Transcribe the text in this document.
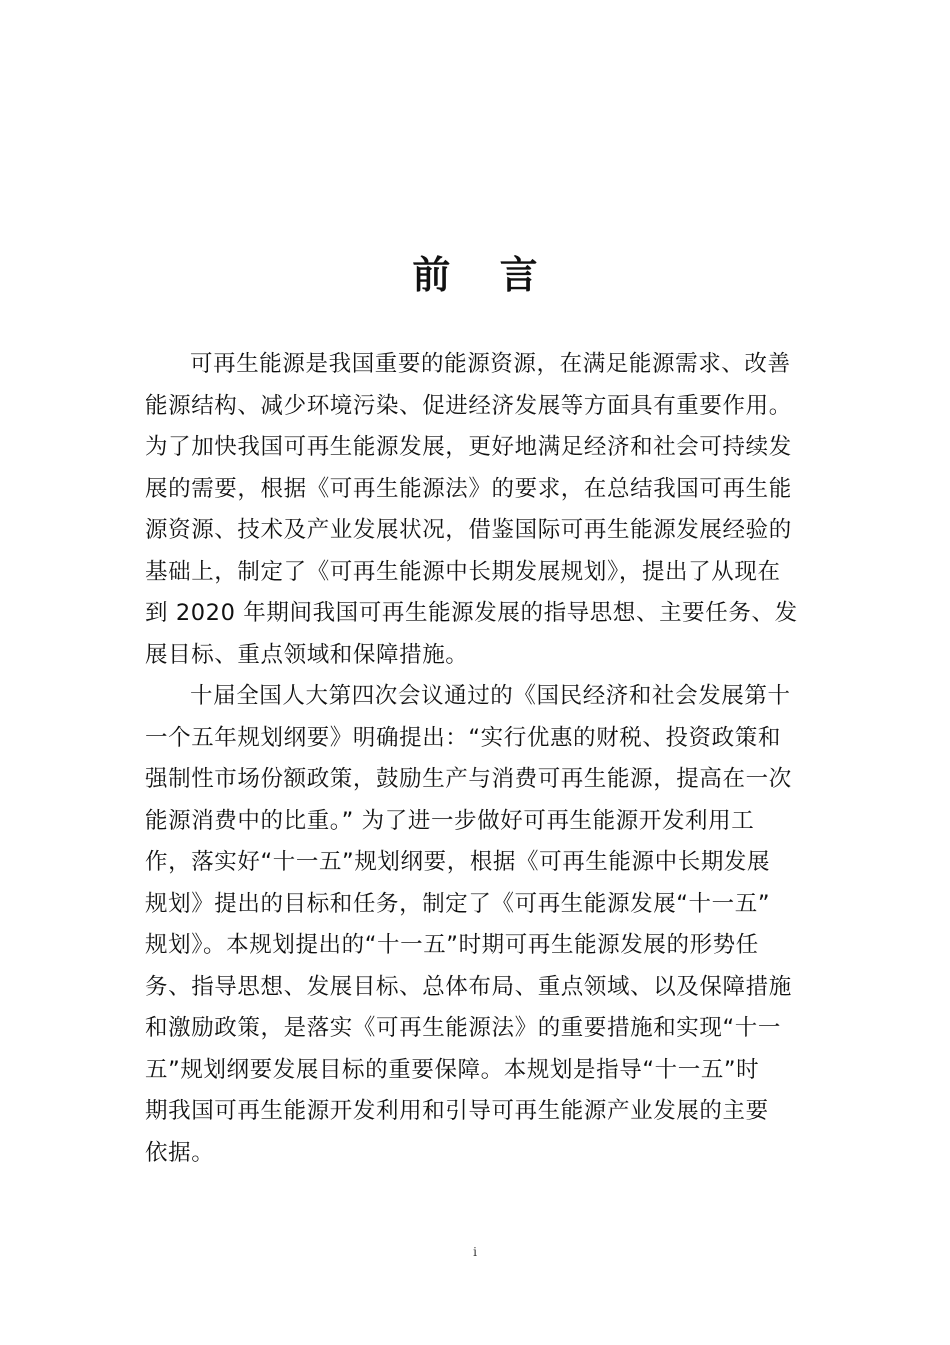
前 言
可再生能源是我国重要的能源资源，在满足能源需求、改善
能源结构、减少环境污染、促进经济发展等方面具有重要作用。
为了加快我国可再生能源发展，更好地满足经济和社会可持续发
展的需要，根据《可再生能源法》的要求，在总结我国可再生能
源资源、技术及产业发展状况，借鉴国际可再生能源发展经验的
基础上，制定了《可再生能源中长期发展规划》，提出了从现在
到 2020 年期间我国可再生能源发展的指导思想、主要任务、发
展目标、重点领域和保障措施。
十届全国人大第四次会议通过的《国民经济和社会发展第十
一个五年规划纲要》明确提出：“实行优惠的财税、投资政策和
强制性市场份额政策，鼓励生产与消费可再生能源，提高在一次
能源消费中的比重。” 为了进一步做好可再生能源开发利用工
作，落实好“十一五”规划纲要，根据《可再生能源中长期发展
规划》提出的目标和任务，制定了《可再生能源发展“十一五”
规划》。本规划提出的“十一五”时期可再生能源发展的形势任
务、指导思想、发展目标、总体布局、重点领域、以及保障措施
和激励政策，是落实《可再生能源法》的重要措施和实现“十一
五”规划纲要发展目标的重要保障。本规划是指导“十一五”时
期我国可再生能源开发利用和引导可再生能源产业发展的主要
依据。
i
